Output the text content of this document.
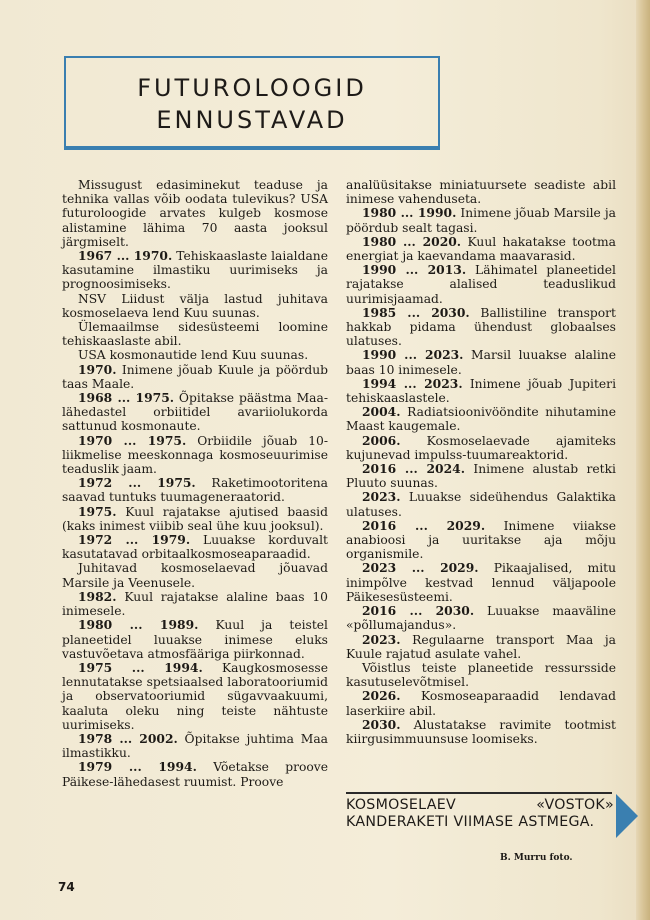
FUTUROLOOGID
ENNUSTAVAD

Missugust edasiminekut teaduse ja tehnika vallas võib oodata tulevikus? USA futuroloogide arvates kulgeb kosmose alistamine lähima 70 aasta jooksul järgmiselt.

1967 ... 1970. Tehiskaaslaste laialdane kasutamine ilmastiku uurimiseks ja prognoosimiseks.

NSV Liidust välja lastud juhitava kosmoselaeva lend Kuu suunas.

Ülemaailmse sidesüsteemi loomine tehiskaaslaste abil.

USA kosmonautide lend Kuu suunas.

1970. Inimene jõuab Kuule ja pöördub taas Maale.

1968 ... 1975. Õpitakse päästma Maa-lähedastel orbiitidel avariiolukorda sattunud kosmonaute.

1970 ... 1975. Orbiidile jõuab 10-liikmelise meeskonnaga kosmoseuurimise teaduslik jaam.

1972 ... 1975. Raketimootoritena saavad tuntuks tuumageneraatorid.

1975. Kuul rajatakse ajutised baasid (kaks inimest viibib seal ühe kuu jooksul).

1972 ... 1979. Luuakse korduvalt kasutatavad orbitaalkosmoseaparaadid.

Juhitavad kosmoselaevad jõuavad Marsile ja Veenusele.

1982. Kuul rajatakse alaline baas 10 inimesele.

1980 ... 1989. Kuul ja teistel planeetidel luuakse inimese eluks vastuvõetava atmosfääriga piirkonnad.

1975 ... 1994. Kaugkosmosesse lennutatakse spetsiaalsed laboratooriumid ja observatooriumid sügavvaakuumi, kaaluta oleku ning teiste nähtuste uurimiseks.

1978 ... 2002. Õpitakse juhtima Maa ilmastikku.

1979 ... 1994. Võetakse proove Päikese-lähedasest ruumist. Proove

analüüsitakse miniatuursete seadiste abil inimese vahenduseta.

1980 ... 1990. Inimene jõuab Marsile ja pöördub sealt tagasi.

1980 ... 2020. Kuul hakatakse tootma energiat ja kaevandama maavarasid.

1990 ... 2013. Lähimatel planeetidel rajatakse alalised teaduslikud uurimisjaamad.

1985 ... 2030. Ballistiline transport hakkab pidama ühendust globaalses ulatuses.

1990 ... 2023. Marsil luuakse alaline baas 10 inimesele.

1994 ... 2023. Inimene jõuab Jupiteri tehiskaaslastele.

2004. Radiatsioonivööndite nihutamine Maast kaugemale.

2006. Kosmoselaevade ajamiteks kujunevad impulss-tuumareaktorid.

2016 ... 2024. Inimene alustab retki Pluuto suunas.

2023. Luuakse sideühendus Galaktika ulatuses.

2016 ... 2029. Inimene viiakse anabioosi ja uuritakse aja mõju organismile.

2023 ... 2029. Pikaajalised, mitu inimpõlve kestvad lennud väljapoole Päikesesüsteemi.

2016 ... 2030. Luuakse maaväline «põllumajandus».

2023. Regulaarne transport Maa ja Kuule rajatud asulate vahel.

Võistlus teiste planeetide ressursside kasutuselevõtmisel.

2026. Kosmoseaparaadid lendavad laserkiire abil.

2030. Alustatakse ravimite tootmist kiirgusimmuunsuse loomiseks.

KOSMOSELAEV «VOSTOK» KANDERAKETI VIIMASE ASTMEGA.
B. Murru foto.
74
